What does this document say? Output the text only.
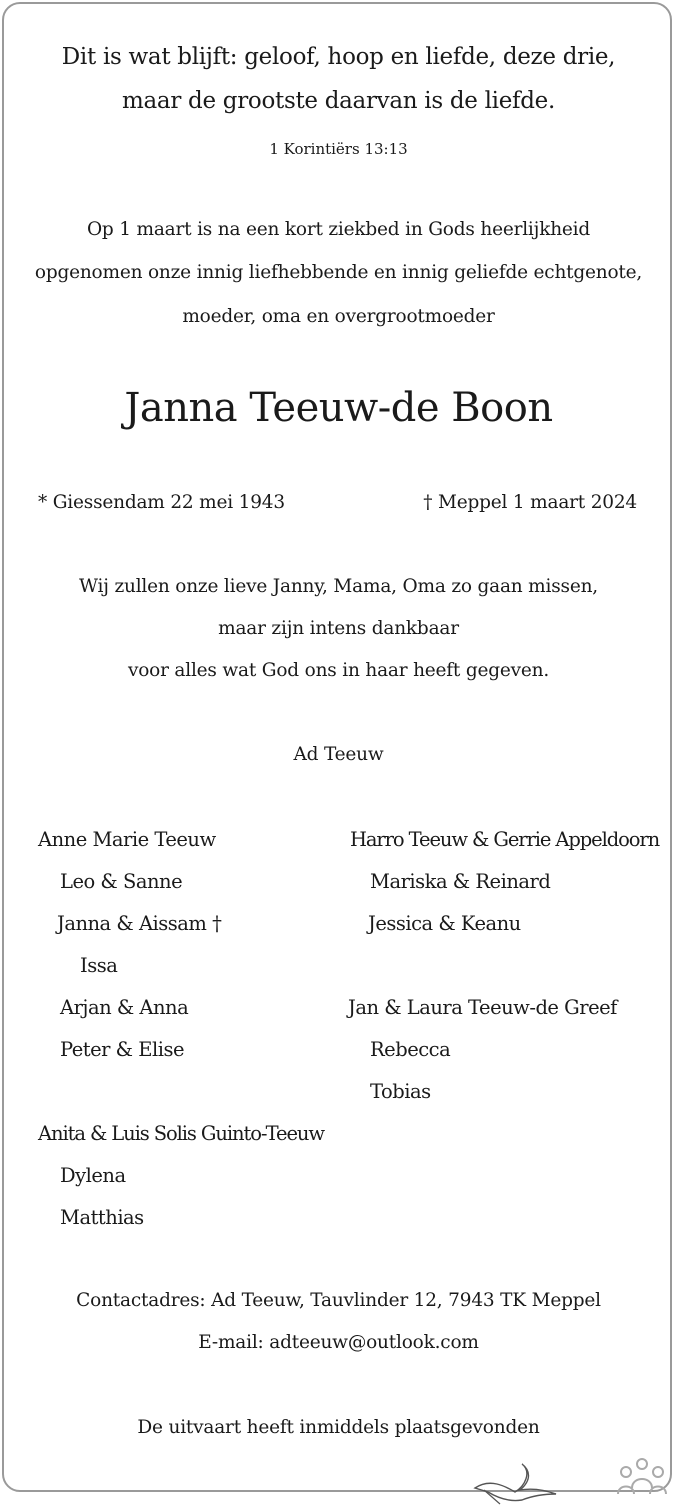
Dit is wat blijft: geloof, hoop en liefde, deze drie,
maar de grootste daarvan is de liefde.
1 Korintiërs 13:13
Op 1 maart is na een kort ziekbed in Gods heerlijkheid
opgenomen onze innig liefhebbende en innig geliefde echtgenote,
moeder, oma en overgrootmoeder
Janna Teeuw-de Boon
* Giessendam 22 mei 1943	† Meppel 1 maart 2024
Wij zullen onze lieve Janny, Mama, Oma zo gaan missen,
maar zijn intens dankbaar
voor alles wat God ons in haar heeft gegeven.
Ad Teeuw
Anne Marie Teeuw
Leo & Sanne
Janna & Aissam †
Issa
Arjan & Anna
Peter & Elise
Anita & Luis Solis Guinto-Teeuw
Dylena
Matthias
Harro Teeuw & Gerrie Appeldoorn
Mariska & Reinard
Jessica & Keanu
Jan & Laura Teeuw-de Greef
Rebecca
Tobias
Contactadres: Ad Teeuw, Tauvlinder 12, 7943 TK Meppel
E-mail: adteeuw@outlook.com
De uitvaart heeft inmiddels plaatsgevonden
